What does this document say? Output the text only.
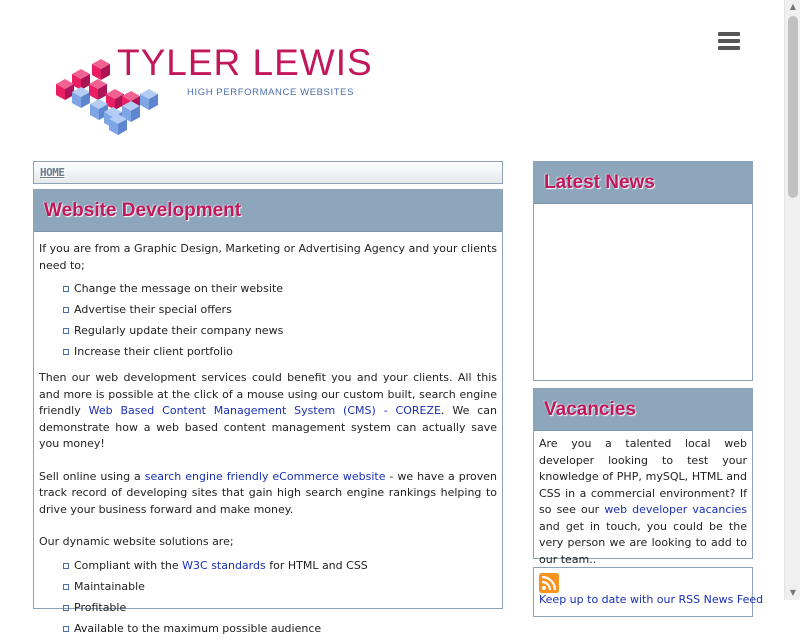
TYLER LEWIS
HIGH PERFORMANCE WEBSITES
HOME
Website Development

If you are from a Graphic Design, Marketing or Advertising Agency and your clients need to;

Change the message on their website
Advertise their special offers
Regularly update their company news
Increase their client portfolio

Then our web development services could benefit you and your clients. All this and more is possible at the click of a mouse using our custom built, search engine friendly Web Based Content Management System (CMS) - COREZE. We can demonstrate how a web based content management system can actually save you money!

Sell online using a search engine friendly eCommerce website - we have a proven track record of developing sites that gain high search engine rankings helping to drive your business forward and make money.

Our dynamic website solutions are;

Compliant with the W3C standards for HTML and CSS
Maintainable
Profitable
Available to the maximum possible audience
Latest News
Vacancies
Are you a talented local web developer looking to test your knowledge of PHP, mySQL, HTML and CSS in a commercial environment? If so see our web developer vacancies and get in touch, you could be the very person we are looking to add to our team..
Keep up to date with our RSS News Feed
▲
▼
